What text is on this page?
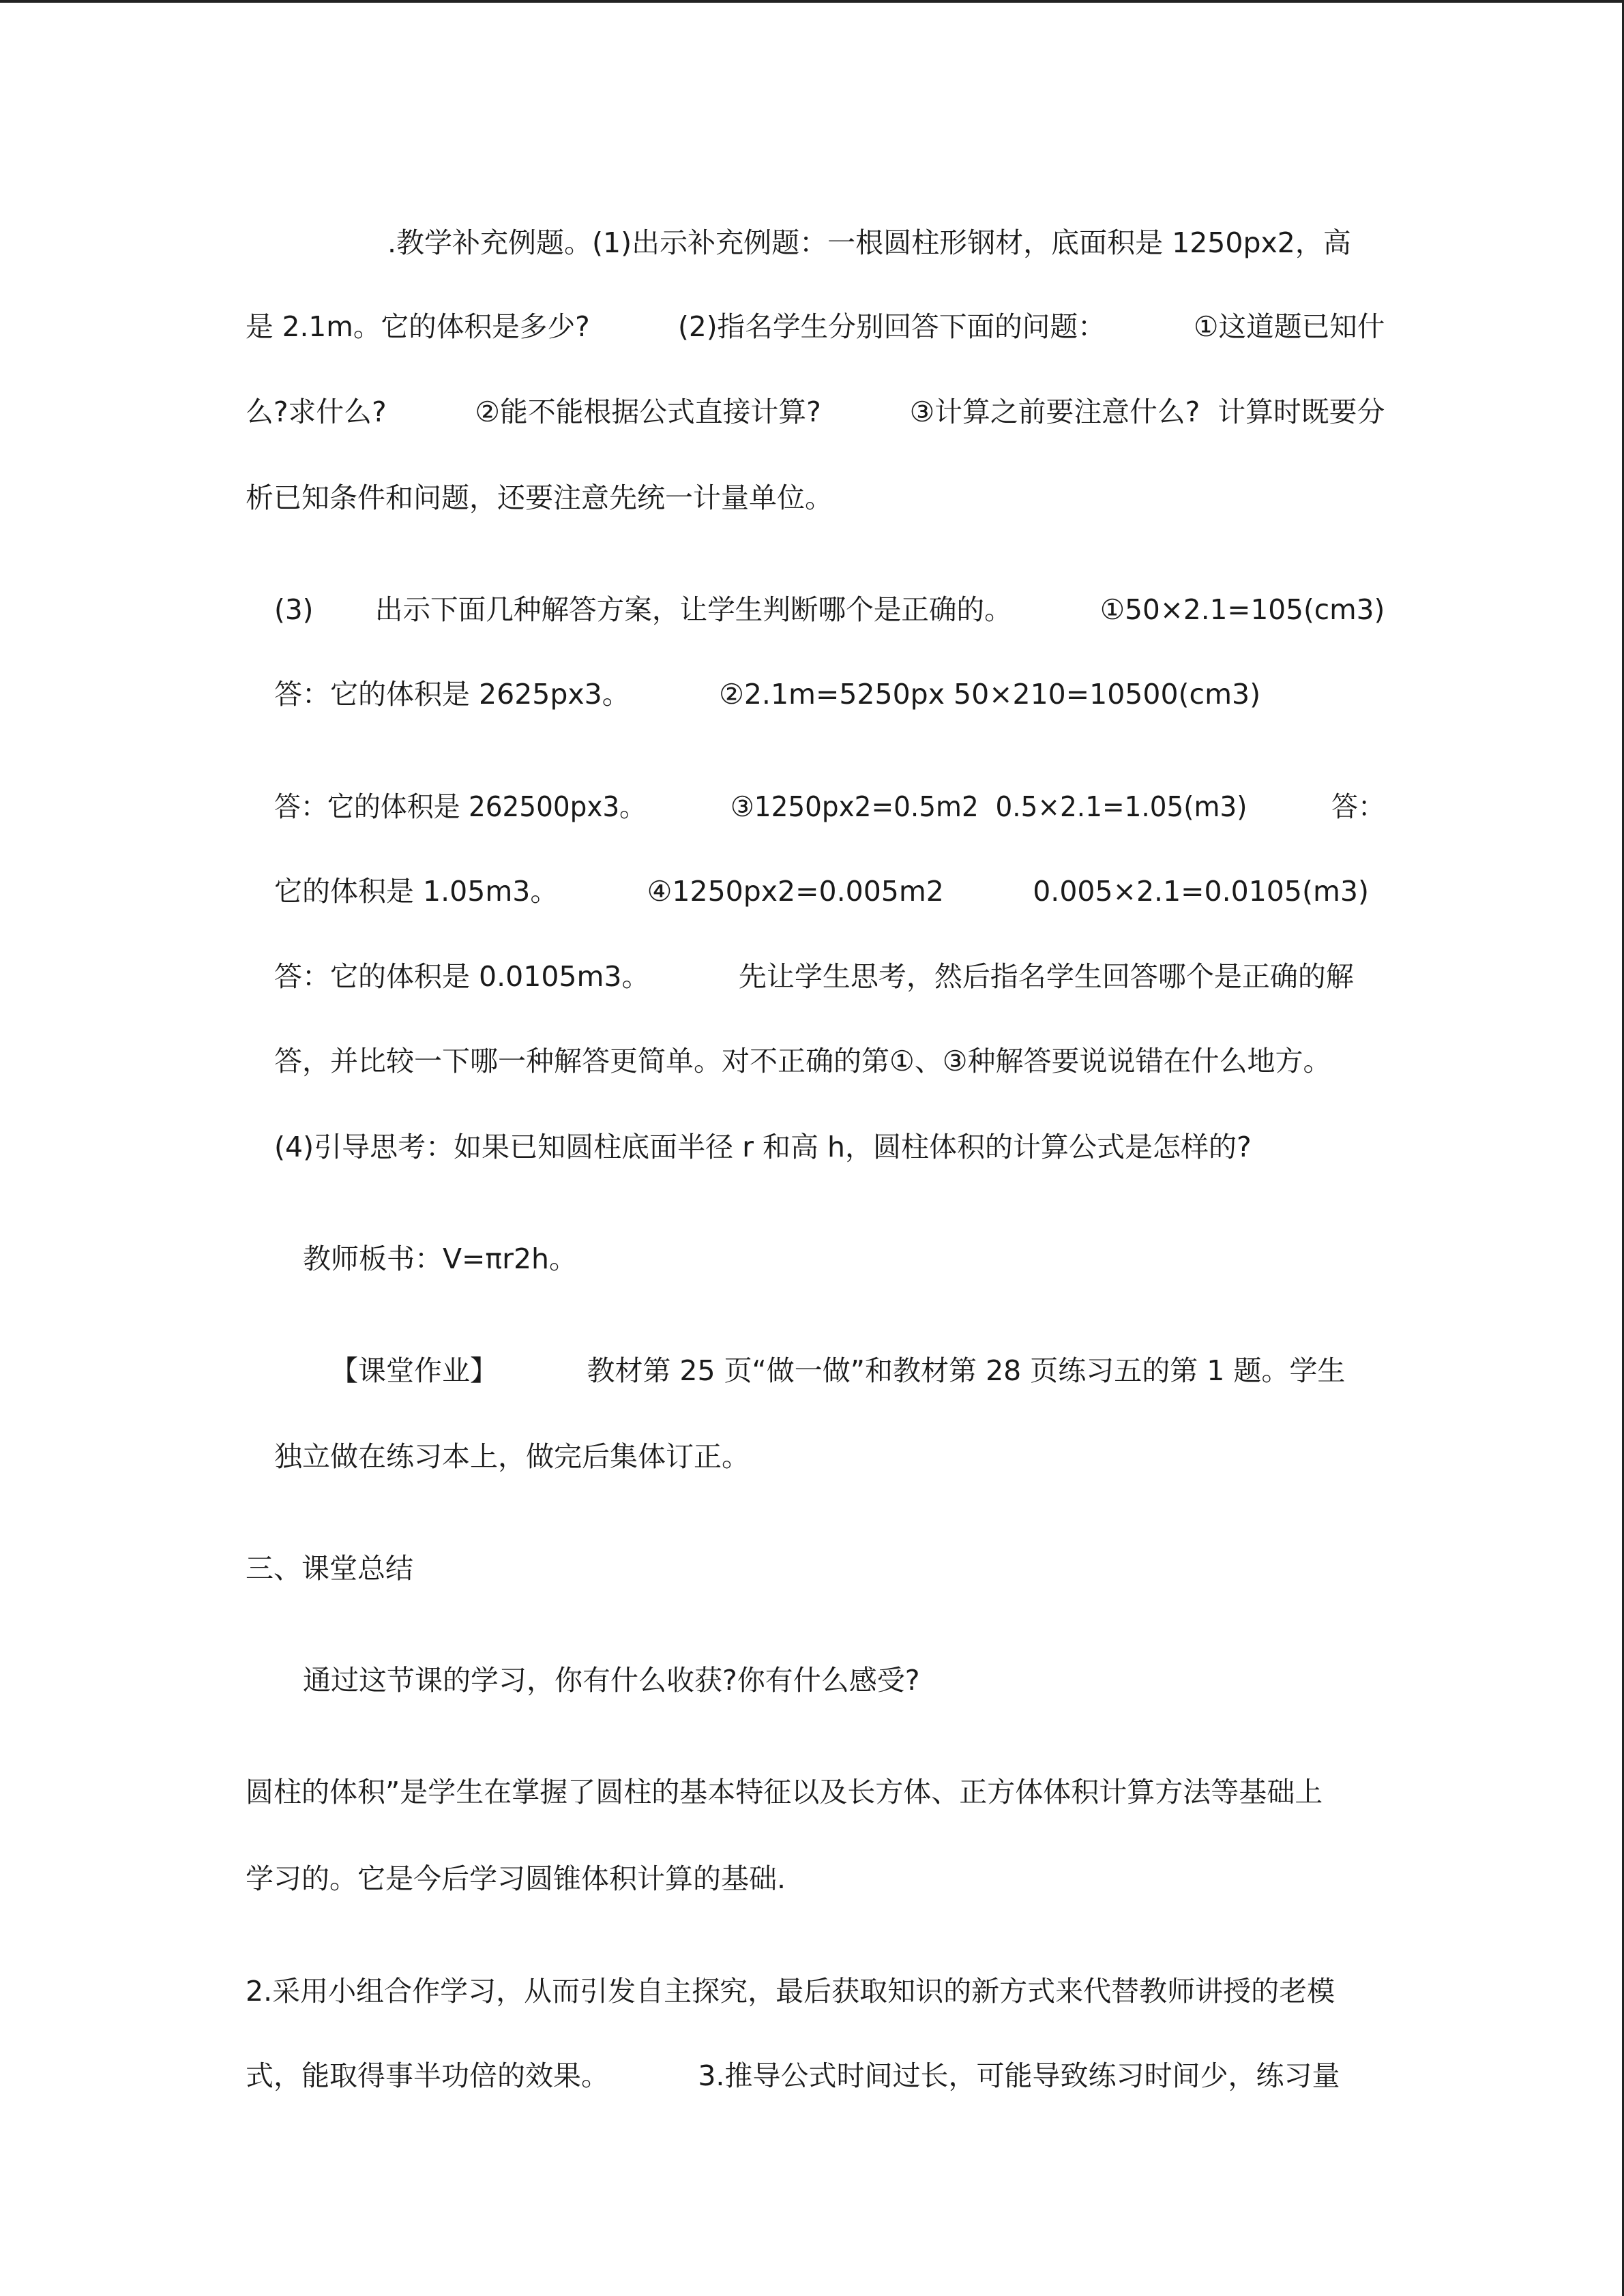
.教学补充例题。(1)出示补充例题：一根圆柱形钢材，底面积是 1250px2，高
是 2.1m。它的体积是多少?          (2)指名学生分别回答下面的问题：          ①这道题已知什
么?求什么?          ②能不能根据公式直接计算?          ③计算之前要注意什么?  计算时既要分
析已知条件和问题，还要注意先统一计量单位。
(3)       出示下面几种解答方案，让学生判断哪个是正确的。          ①50×2.1=105(cm3)
答：它的体积是 2625px3。          ②2.1m=5250px 50×210=10500(cm3)
答：它的体积是 262500px3。          ③1250px2=0.5m2  0.5×2.1=1.05(m3)          答：
它的体积是 1.05m3。          ④1250px2=0.005m2          0.005×2.1=0.0105(m3)
答：它的体积是 0.0105m3。          先让学生思考，然后指名学生回答哪个是正确的解
答，并比较一下哪一种解答更简单。对不正确的第①、③种解答要说说错在什么地方。
(4)引导思考：如果已知圆柱底面半径 r 和高 h，圆柱体积的计算公式是怎样的?
教师板书：V=πr2h。
【课堂作业】          教材第 25 页“做一做”和教材第 28 页练习五的第 1 题。学生
独立做在练习本上，做完后集体订正。
三、课堂总结
通过这节课的学习，你有什么收获?你有什么感受?
圆柱的体积”是学生在掌握了圆柱的基本特征以及长方体、正方体体积计算方法等基础上
学习的。它是今后学习圆锥体积计算的基础.
2.采用小组合作学习，从而引发自主探究，最后获取知识的新方式来代替教师讲授的老模
式，能取得事半功倍的效果。          3.推导公式时间过长，可能导致练习时间少，练习量
